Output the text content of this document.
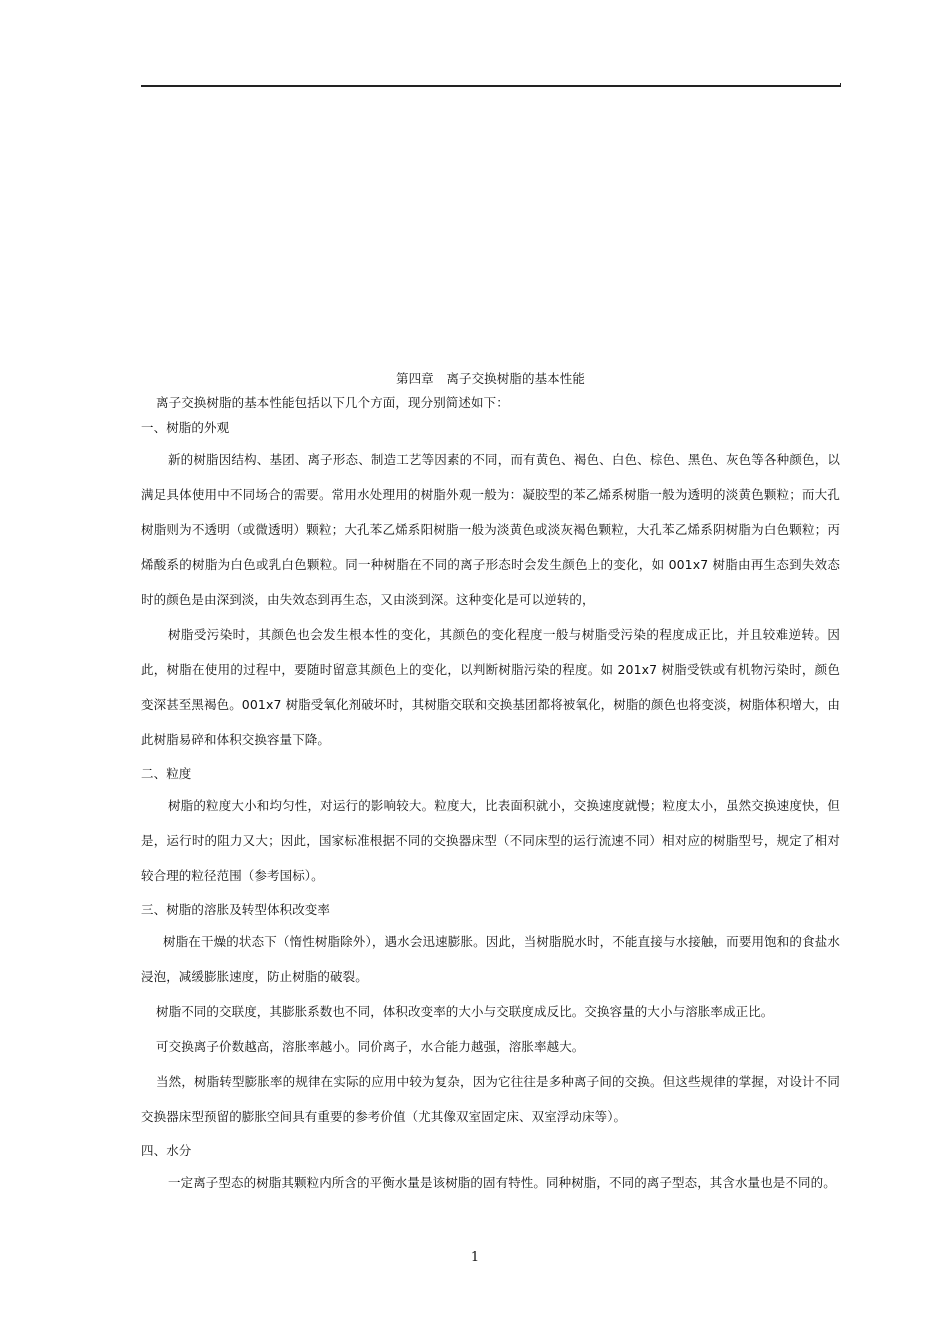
第四章　离子交换树脂的基本性能

离子交换树脂的基本性能包括以下几个方面，现分别简述如下：

一、树脂的外观

新的树脂因结构、基团、离子形态、制造工艺等因素的不同，而有黄色、褐色、白色、棕色、黑色、灰色等各种颜色，以满足具体使用中不同场合的需要。常用水处理用的树脂外观一般为：凝胶型的苯乙烯系树脂一般为透明的淡黄色颗粒；而大孔树脂则为不透明（或微透明）颗粒；大孔苯乙烯系阳树脂一般为淡黄色或淡灰褐色颗粒，大孔苯乙烯系阴树脂为白色颗粒；丙烯酸系的树脂为白色或乳白色颗粒。同一种树脂在不同的离子形态时会发生颜色上的变化，如 001x7 树脂由再生态到失效态时的颜色是由深到淡，由失效态到再生态，又由淡到深。这种变化是可以逆转的，

树脂受污染时，其颜色也会发生根本性的变化，其颜色的变化程度一般与树脂受污染的程度成正比，并且较难逆转。因此，树脂在使用的过程中，要随时留意其颜色上的变化，以判断树脂污染的程度。如 201x7 树脂受铁或有机物污染时，颜色变深甚至黑褐色。001x7 树脂受氧化剂破坏时，其树脂交联和交换基团都将被氧化，树脂的颜色也将变淡，树脂体积增大，由此树脂易碎和体积交换容量下降。

二、粒度

树脂的粒度大小和均匀性，对运行的影响较大。粒度大，比表面积就小，交换速度就慢；粒度太小，虽然交换速度快，但是，运行时的阻力又大；因此，国家标准根据不同的交换器床型（不同床型的运行流速不同）相对应的树脂型号，规定了相对较合理的粒径范围（参考国标）。

三、树脂的溶胀及转型体积改变率

树脂在干燥的状态下（惰性树脂除外），遇水会迅速膨胀。因此，当树脂脱水时，不能直接与水接触，而要用饱和的食盐水浸泡，减缓膨胀速度，防止树脂的破裂。

树脂不同的交联度，其膨胀系数也不同，体积改变率的大小与交联度成反比。交换容量的大小与溶胀率成正比。

可交换离子价数越高，溶胀率越小。同价离子，水合能力越强，溶胀率越大。

当然，树脂转型膨胀率的规律在实际的应用中较为复杂，因为它往往是多种离子间的交换。但这些规律的掌握，对设计不同交换器床型预留的膨胀空间具有重要的参考价值（尤其像双室固定床、双室浮动床等）。

四、水分

一定离子型态的树脂其颗粒内所含的平衡水量是该树脂的固有特性。同种树脂，不同的离子型态，其含水量也是不同的。

1
